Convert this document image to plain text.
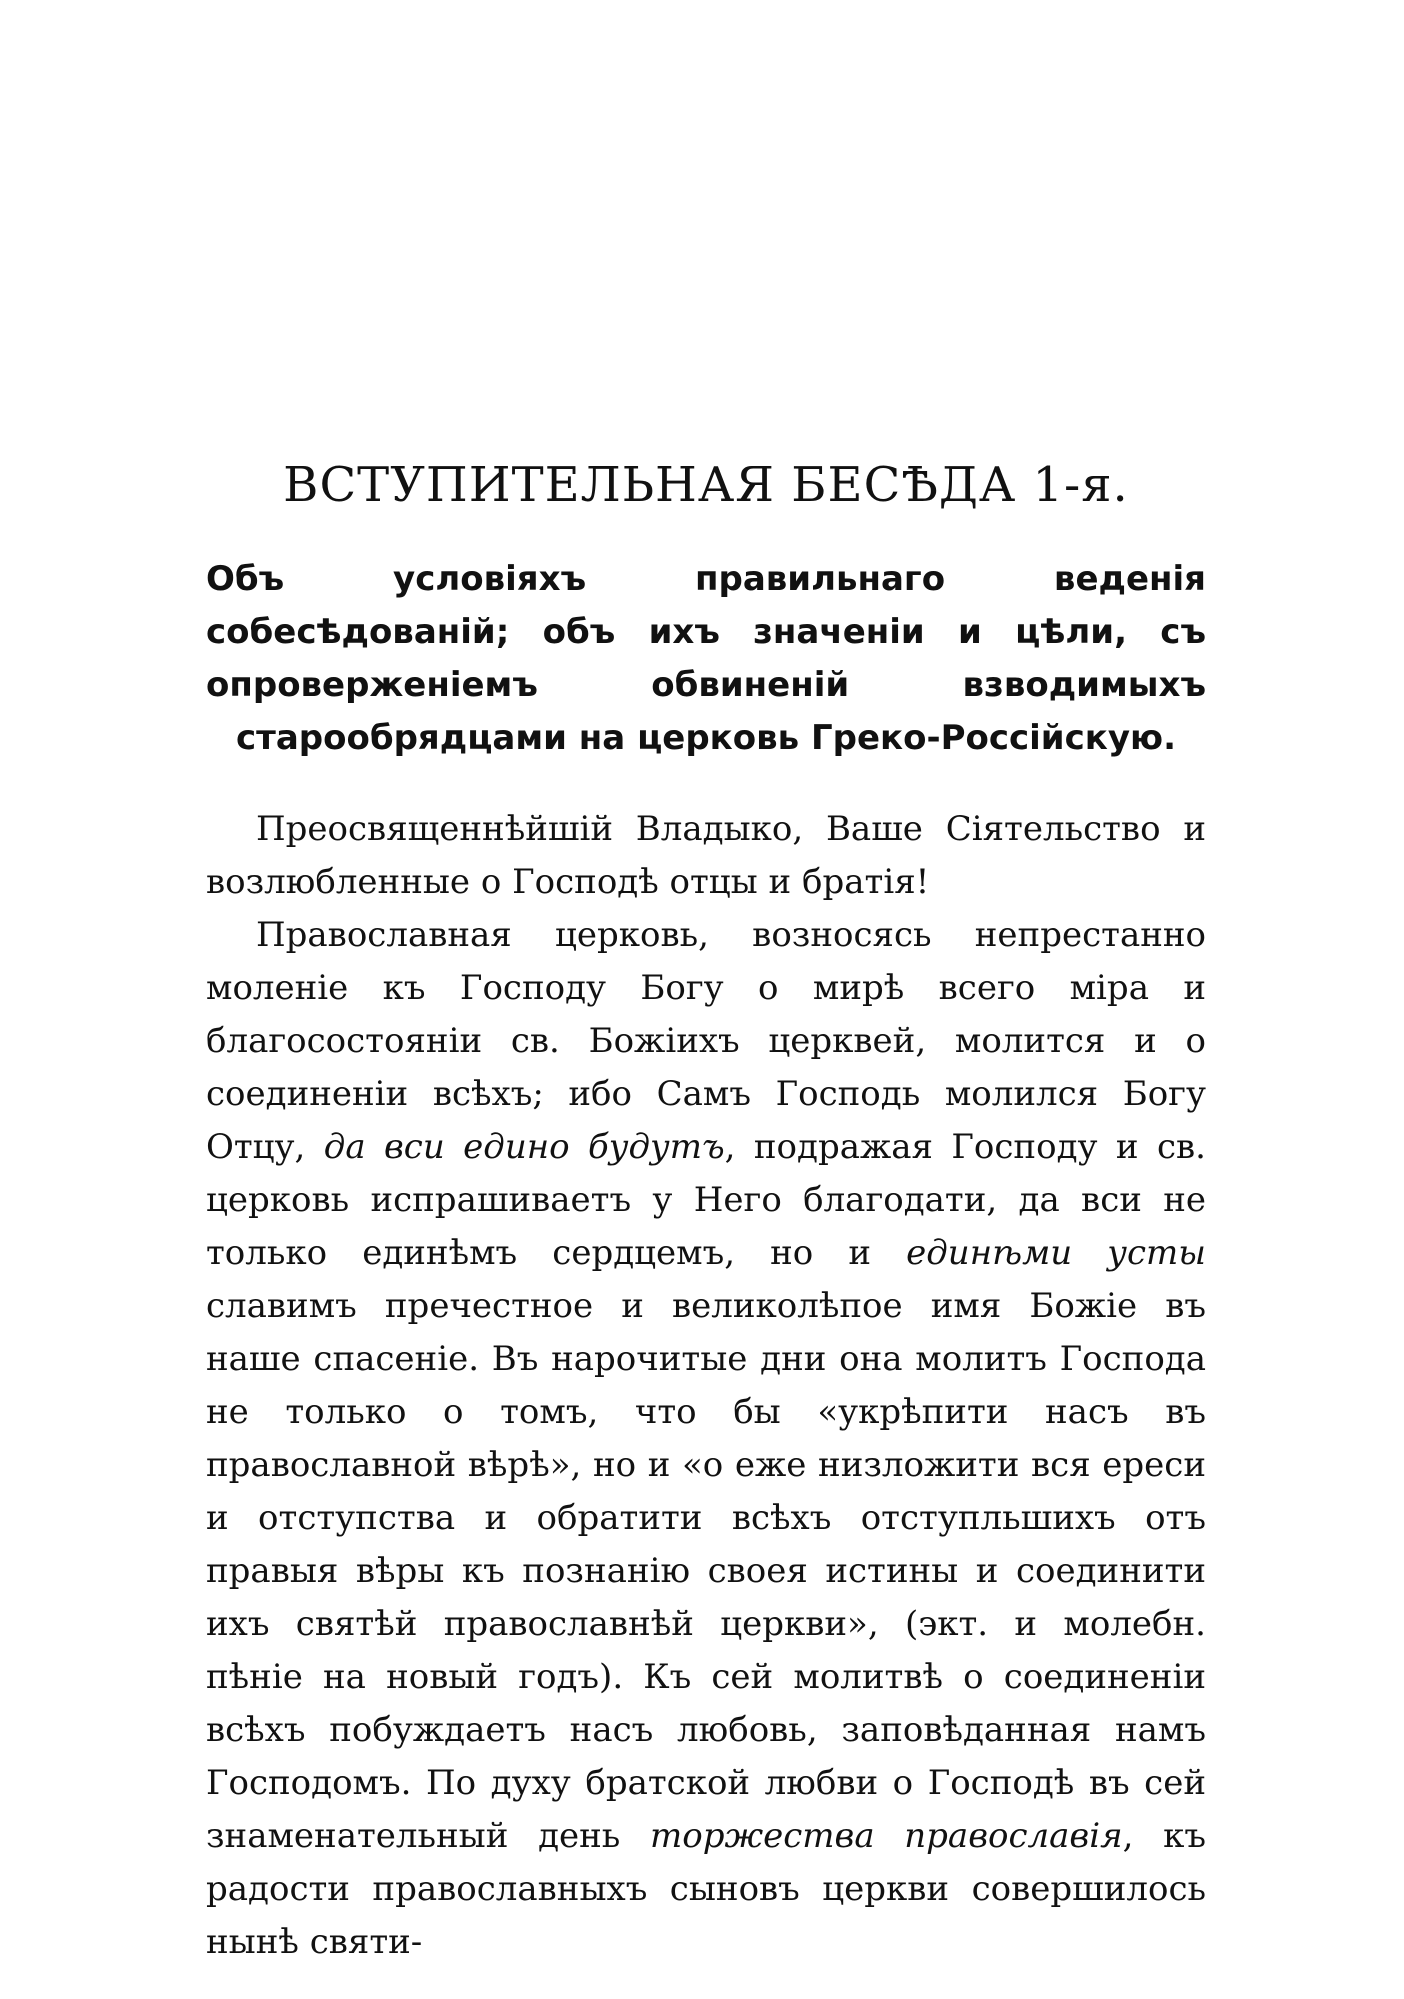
ВСТУПИТЕЛЬНАЯ БЕСѢДА 1-я.
Объ условіяхъ правильнаго веденія собесѣдованій; объ ихъ значеніи и цѣли, съ опроверженіемъ обвиненій взводимыхъ старообрядцами на церковь Греко-Россійскую.

Преосвященнѣйшій Владыко, Ваше Сіятельство и возлюбленные о Господѣ отцы и братія!

Православная церковь, возносясь непрестанно моленіе къ Господу Богу о мирѣ всего міра и благосостояніи св. Божіихъ церквей, молится и о соединеніи всѣхъ; ибо Самъ Господь молился Богу Отцу, да вси едино будутъ, подражая Господу и св. церковь испрашиваетъ у Него благодати, да вси не только единѣмъ сердцемъ, но и единѣми усты славимъ пречестное и великолѣпое имя Божіе въ наше спасеніе. Въ нарочитые дни она молитъ Господа не только о томъ, что бы «укрѣпити насъ въ православной вѣрѣ», но и «о еже низложити вся ереси и отступства и обратити всѣхъ отступльшихъ отъ правыя вѣры къ познанію своея истины и соединити ихъ святѣй православнѣй церкви», (экт. и молебн. пѣніе на новый годъ). Къ сей молитвѣ о соединеніи всѣхъ побуждаетъ насъ любовь, заповѣданная намъ Господомъ. По духу братской любви о Господѣ въ сей знаменательный день торжества православія, къ радости православныхъ сыновъ церкви совершилось нынѣ святи-
